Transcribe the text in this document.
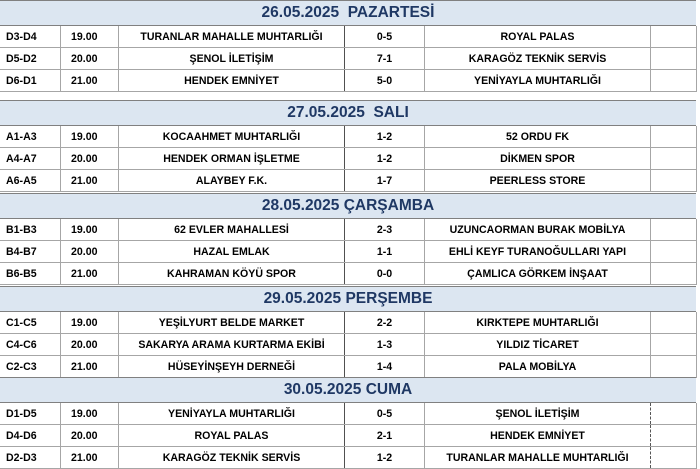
26.05.2025  PAZARTESİ
D3-D4	19.00	TURANLAR MAHALLE MUHTARLIĞI	0-5	ROYAL PALAS
D5-D2	20.00	ŞENOL İLETİŞİM	7-1	KARAGÖZ TEKNİK SERVİS
D6-D1	21.00	HENDEK EMNİYET	5-0	YENİYAYLA MUHTARLIĞI
27.05.2025  SALI
A1-A3	19.00	KOCAAHMET MUHTARLIĞI	1-2	52 ORDU FK
A4-A7	20.00	HENDEK ORMAN İŞLETME	1-2	DİKMEN SPOR
A6-A5	21.00	ALAYBEY F.K.	1-7	PEERLESS STORE
28.05.2025 ÇARŞAMBA
B1-B3	19.00	62 EVLER MAHALLESİ	2-3	UZUNCAORMAN BURAK MOBİLYA
B4-B7	20.00	HAZAL EMLAK	1-1	EHLİ KEYF TURANOĞULLARI YAPI
B6-B5	21.00	KAHRAMAN KÖYÜ SPOR	0-0	ÇAMLICA GÖRKEM İNŞAAT
29.05.2025 PERŞEMBE
C1-C5	19.00	YEŞİLYURT BELDE MARKET	2-2	KIRKTEPE MUHTARLIĞI
C4-C6	20.00	SAKARYA ARAMA KURTARMA EKİBİ	1-3	YILDIZ TİCARET
C2-C3	21.00	HÜSEYİNŞEYH DERNEĞİ	1-4	PALA MOBİLYA
30.05.2025 CUMA
D1-D5	19.00	YENİYAYLA MUHTARLIĞI	0-5	ŞENOL İLETİŞİM
D4-D6	20.00	ROYAL PALAS	2-1	HENDEK EMNİYET
D2-D3	21.00	KARAGÖZ TEKNİK SERVİS	1-2	TURANLAR MAHALLE MUHTARLIĞI
